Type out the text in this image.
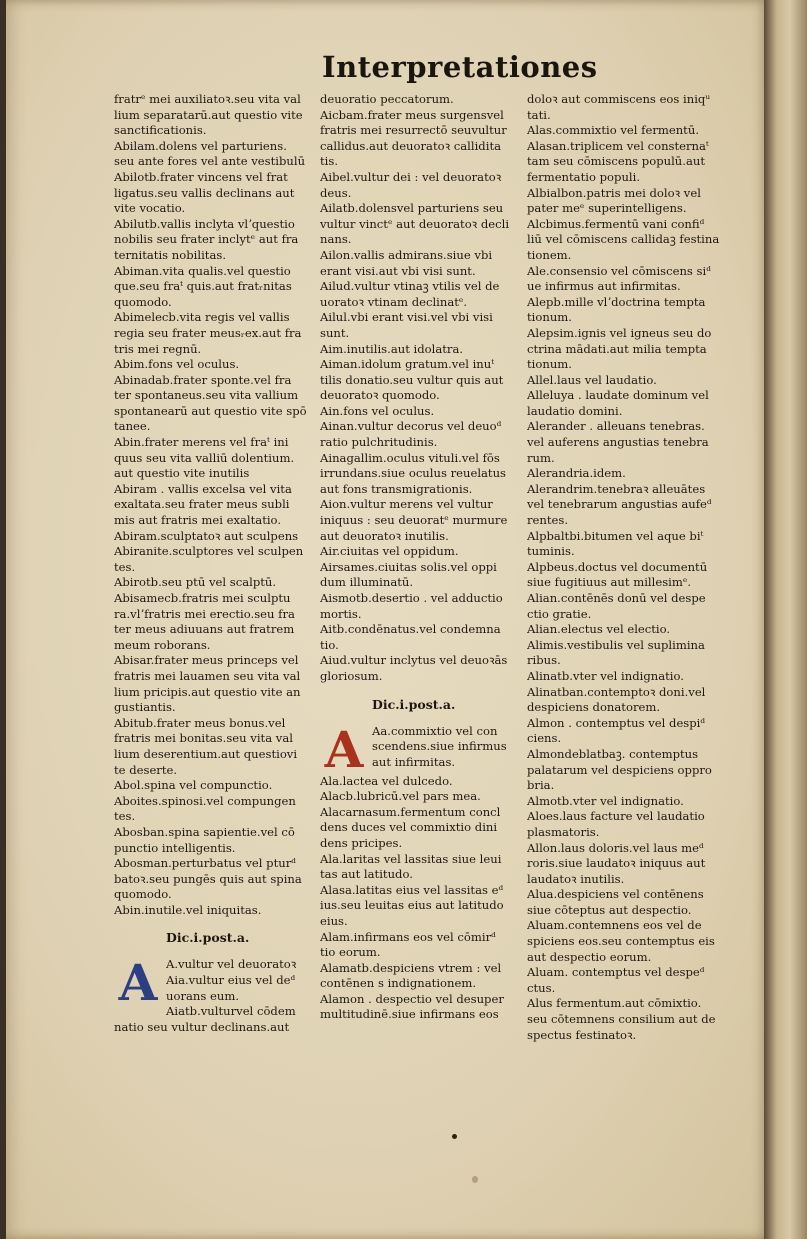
Interpretationes

fratrᵉ mei auxiliatoꝛ.seu vita val

lium separatarū.aut questio vite

sanctificationis.

Abilam.dolens vel parturiens.

seu ante fores vel ante vestibulū

Abilotb.frater vincens vel frat

ligatus.seu vallis declinans aut

vite vocatio.

Abilutb.vallis inclyta vlʼquestio

nobilis seu frater inclytᵉ aut fra

ternitatis nobilitas.

Abiman.vita qualis.vel questio

que.seu fraᵗ quis.aut fratᵣnitas

quomodo.

Abimelecb.vita regis vel vallis

regia seu frater meusᵣex.aut fra

tris mei regnū.

Abim.fons vel oculus.

Abinadab.frater sponte.vel fra

ter spontaneus.seu vita vallium

spontanearū aut questio vite spō

tanee.

Abin.frater merens vel fraᵗ ini

quus seu vita valliū dolentium.

aut questio vite inutilis

Abiram . vallis excelsa vel vita

exaltata.seu frater meus subli

mis aut fratris mei exaltatio.

Abiram.sculptatoꝛ aut sculpens

Abiranite.sculptores vel sculpen

tes.

Abirotb.seu ptū vel scalptū.

Abisamecb.fratris mei sculptu

ra.vlʼfratris mei erectio.seu fra

ter meus adiuuans aut fratrem

meum roborans.

Abisar.frater meus princeps vel

fratris mei lauamen seu vita val

lium pricipis.aut questio vite an

gustiantis.

Abitub.frater meus bonus.vel

fratris mei bonitas.seu vita val

lium deserentium.aut questiovi

te deserte.

Abol.spina vel compunctio.

Aboites.spinosi.vel compungen

tes.

Abosban.spina sapientie.vel cō

punctio intelligentis.

Abosman.perturbatus vel pturᵈ

batoꝛ.seu pungēs quis aut spina

quomodo.

Abin.inutile.vel iniquitas.

Dic.i.post.a.

A A.vultur vel deuoratoꝛ

Aia.vultur eius vel deᵈ

uorans eum.

Aiatb.vulturvel cōdem

natio seu vultur declinans.aut

deuoratio peccatorum.

Aicbam.frater meus surgensvel

fratris mei resurrectō seuvultur

callidus.aut deuoratoꝛ callidita

tis.

Aibel.vultur dei : vel deuoratoꝛ

deus.

Ailatb.dolensvel parturiens seu

vultur vinctᵉ aut deuoratoꝛ decli

nans.

Ailon.vallis admirans.siue vbi

erant visi.aut vbi visi sunt.

Ailud.vultur vtinaꝫ vtilis vel de

uoratoꝛ vtinam declinatᵉ.

Ailul.vbi erant visi.vel vbi visi

sunt.

Aim.inutilis.aut idolatra.

Aiman.idolum gratum.vel inuᵗ

tilis donatio.seu vultur quis aut

deuoratoꝛ quomodo.

Ain.fons vel oculus.

Ainan.vultur decorus vel deuoᵈ

ratio pulchritudinis.

Ainagallim.oculus vituli.vel fōs

irrundans.siue oculus reuelatus

aut fons transmigrationis.

Aion.vultur merens vel vultur

iniquus : seu deuoratᵉ murmure

aut deuoratoꝛ inutilis.

Air.ciuitas vel oppidum.

Airsames.ciuitas solis.vel oppi

dum illuminatū.

Aismotb.desertio . vel adductio

mortis.

Aitb.condēnatus.vel condemna

tio.

Aiud.vultur inclytus vel deuoꝛās

gloriosum.

Dic.i.post.a.

A Aa.commixtio vel con

scendens.siue infirmus

aut infirmitas.

Ala.lactea vel dulcedo.

Alacb.lubricū.vel pars mea.

Alacarnasum.fermentum concl

dens duces vel commixtio dini

dens pricipes.

Ala.laritas vel lassitas siue leui

tas aut latitudo.

Alasa.latitas eius vel lassitas eᵈ

ius.seu leuitas eius aut latitudo

eius.

Alam.infirmans eos vel cōmirᵈ

tio eorum.

Alamatb.despiciens vtrem : vel

contēnen s indignationem.

Alamon . despectio vel desuper

multitudinē.siue infirmans eos

doloꝛ aut commiscens eos iniqᵘ

tati.

Alas.commixtio vel fermentū.

Alasan.triplicem vel consternaᵗ

tam seu cōmiscens populū.aut

fermentatio populi.

Albialbon.patris mei doloꝛ vel

pater meᵉ superintelligens.

Alcbimus.fermentū vani confiᵈ

liū vel cōmiscens callidaꝫ festina

tionem.

Ale.consensio vel cōmiscens siᵈ

ue infirmus aut infirmitas.

Alepb.mille vlʼdoctrina tempta

tionum.

Alepsim.ignis vel igneus seu do

ctrina mādati.aut milia tempta

tionum.

Allel.laus vel laudatio.

Alleluya . laudate dominum vel

laudatio domini.

Alerander . alleuans tenebras.

vel auferens angustias tenebra

rum.

Alerandria.idem.

Alerandrim.tenebraꝛ alleuātes

vel tenebrarum angustias aufeᵈ

rentes.

Alpbaltbi.bitumen vel aque biᵗ

tuminis.

Alpbeus.doctus vel documentū

siue fugitiuus aut millesimᵉ.

Alian.contēnēs donū vel despe

ctio gratie.

Alian.electus vel electio.

Alimis.vestibulis vel suplimina

ribus.

Alinatb.vter vel indignatio.

Alinatban.contemptoꝛ doni.vel

despiciens donatorem.

Almon . contemptus vel despiᵈ

ciens.

Almondeblatbaꝫ. contemptus

palatarum vel despiciens oppro

bria.

Almotb.vter vel indignatio.

Aloes.laus facture vel laudatio

plasmatoris.

Allon.laus doloris.vel laus meᵈ

roris.siue laudatoꝛ iniquus aut

laudatoꝛ inutilis.

Alua.despiciens vel contēnens

siue cōteptus aut despectio.

Aluam.contemnens eos vel de

spiciens eos.seu contemptus eis

aut despectio eorum.

Aluam. contemptus vel despeᵈ

ctus.

Alus fermentum.aut cōmixtio.

seu cōtemnens consilium aut de

spectus festinatoꝛ.
